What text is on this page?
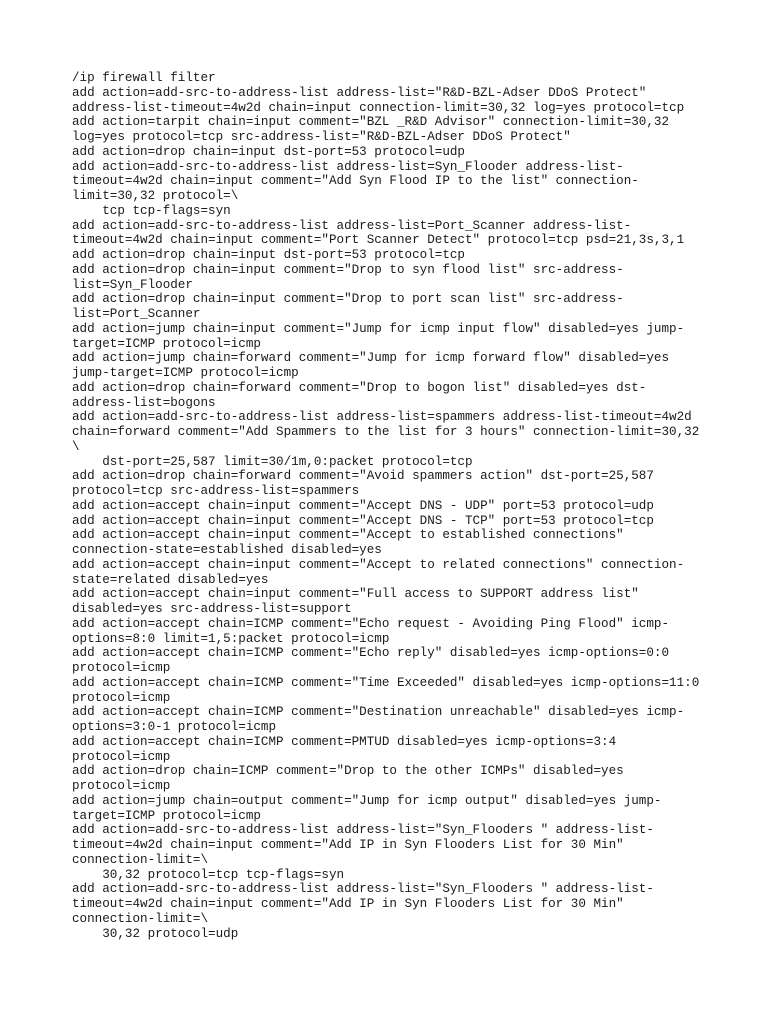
/ip firewall filter
add action=add-src-to-address-list address-list="R&D-BZL-Adser DDoS Protect"
address-list-timeout=4w2d chain=input connection-limit=30,32 log=yes protocol=tcp
add action=tarpit chain=input comment="BZL _R&D Advisor" connection-limit=30,32
log=yes protocol=tcp src-address-list="R&D-BZL-Adser DDoS Protect"
add action=drop chain=input dst-port=53 protocol=udp
add action=add-src-to-address-list address-list=Syn_Flooder address-list-
timeout=4w2d chain=input comment="Add Syn Flood IP to the list" connection-
limit=30,32 protocol=\
tcp tcp-flags=syn
add action=add-src-to-address-list address-list=Port_Scanner address-list-
timeout=4w2d chain=input comment="Port Scanner Detect" protocol=tcp psd=21,3s,3,1
add action=drop chain=input dst-port=53 protocol=tcp
add action=drop chain=input comment="Drop to syn flood list" src-address-
list=Syn_Flooder
add action=drop chain=input comment="Drop to port scan list" src-address-
list=Port_Scanner
add action=jump chain=input comment="Jump for icmp input flow" disabled=yes jump-
target=ICMP protocol=icmp
add action=jump chain=forward comment="Jump for icmp forward flow" disabled=yes
jump-target=ICMP protocol=icmp
add action=drop chain=forward comment="Drop to bogon list" disabled=yes dst-
address-list=bogons
add action=add-src-to-address-list address-list=spammers address-list-timeout=4w2d
chain=forward comment="Add Spammers to the list for 3 hours" connection-limit=30,32
\
dst-port=25,587 limit=30/1m,0:packet protocol=tcp
add action=drop chain=forward comment="Avoid spammers action" dst-port=25,587
protocol=tcp src-address-list=spammers
add action=accept chain=input comment="Accept DNS - UDP" port=53 protocol=udp
add action=accept chain=input comment="Accept DNS - TCP" port=53 protocol=tcp
add action=accept chain=input comment="Accept to established connections"
connection-state=established disabled=yes
add action=accept chain=input comment="Accept to related connections" connection-
state=related disabled=yes
add action=accept chain=input comment="Full access to SUPPORT address list"
disabled=yes src-address-list=support
add action=accept chain=ICMP comment="Echo request - Avoiding Ping Flood" icmp-
options=8:0 limit=1,5:packet protocol=icmp
add action=accept chain=ICMP comment="Echo reply" disabled=yes icmp-options=0:0
protocol=icmp
add action=accept chain=ICMP comment="Time Exceeded" disabled=yes icmp-options=11:0
protocol=icmp
add action=accept chain=ICMP comment="Destination unreachable" disabled=yes icmp-
options=3:0-1 protocol=icmp
add action=accept chain=ICMP comment=PMTUD disabled=yes icmp-options=3:4
protocol=icmp
add action=drop chain=ICMP comment="Drop to the other ICMPs" disabled=yes
protocol=icmp
add action=jump chain=output comment="Jump for icmp output" disabled=yes jump-
target=ICMP protocol=icmp
add action=add-src-to-address-list address-list="Syn_Flooders " address-list-
timeout=4w2d chain=input comment="Add IP in Syn Flooders List for 30 Min"
connection-limit=\
30,32 protocol=tcp tcp-flags=syn
add action=add-src-to-address-list address-list="Syn_Flooders " address-list-
timeout=4w2d chain=input comment="Add IP in Syn Flooders List for 30 Min"
connection-limit=\
30,32 protocol=udp
